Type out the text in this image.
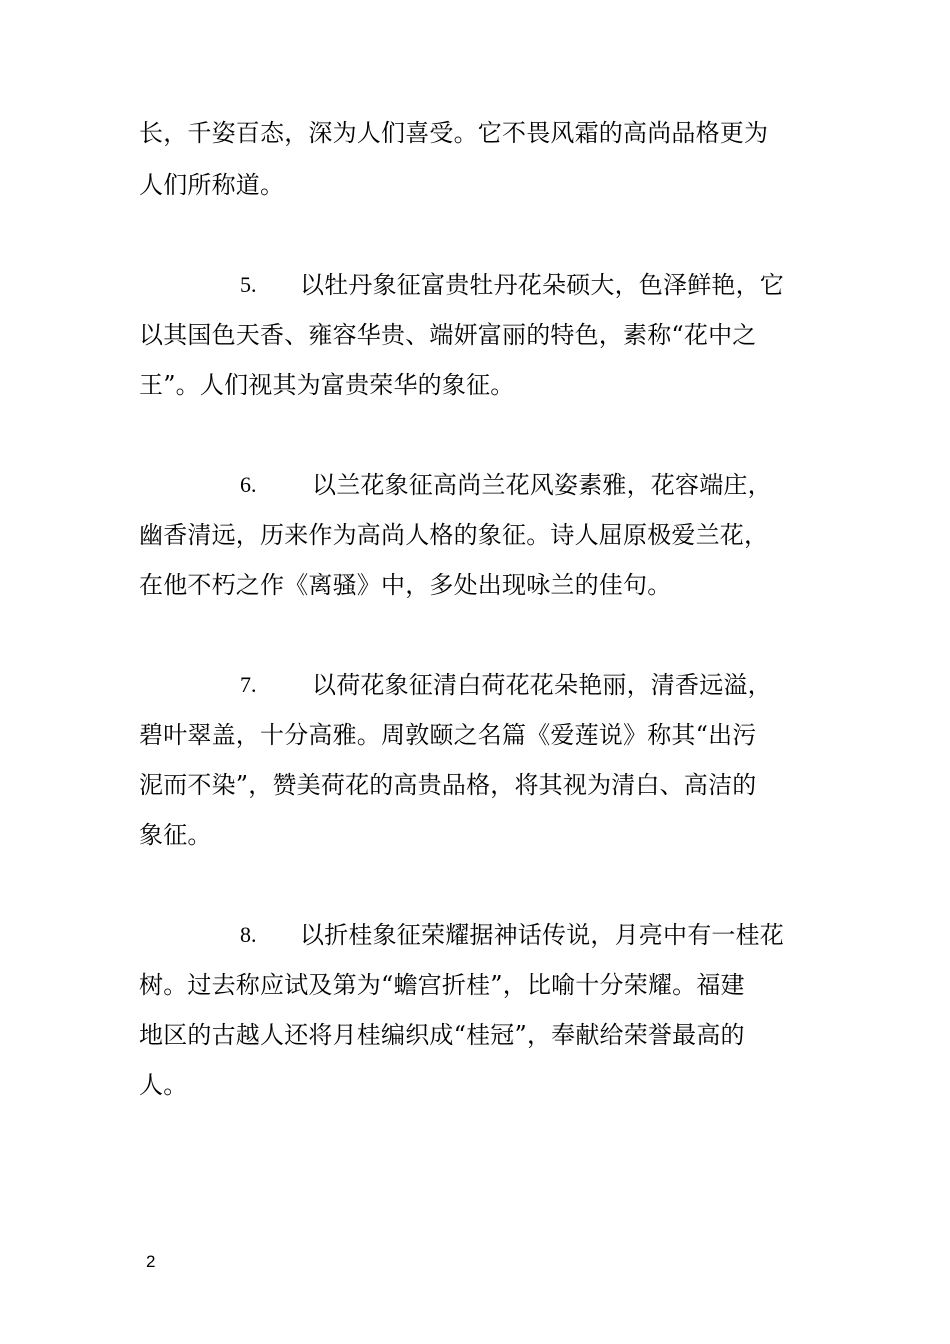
长，千姿百态，深为人们喜受。它不畏风霜的高尚品格更为
人们所称道。
5. 以牡丹象征富贵牡丹花朵硕大，色泽鲜艳，它
以其国色天香、雍容华贵、端妍富丽的特色，素称“花中之
王”。人们视其为富贵荣华的象征。
6. 以兰花象征高尚兰花风姿素雅，花容端庄，
幽香清远，历来作为高尚人格的象征。诗人屈原极爱兰花，
在他不朽之作《离骚》中，多处出现咏兰的佳句。
7. 以荷花象征清白荷花花朵艳丽，清香远溢，
碧叶翠盖，十分高雅。周敦颐之名篇《爱莲说》称其“出污
泥而不染”，赞美荷花的高贵品格，将其视为清白、高洁的
象征。
8. 以折桂象征荣耀据神话传说，月亮中有一桂花
树。过去称应试及第为“蟾宫折桂”，比喻十分荣耀。福建
地区的古越人还将月桂编织成“桂冠”，奉献给荣誉最高的
人。
2
